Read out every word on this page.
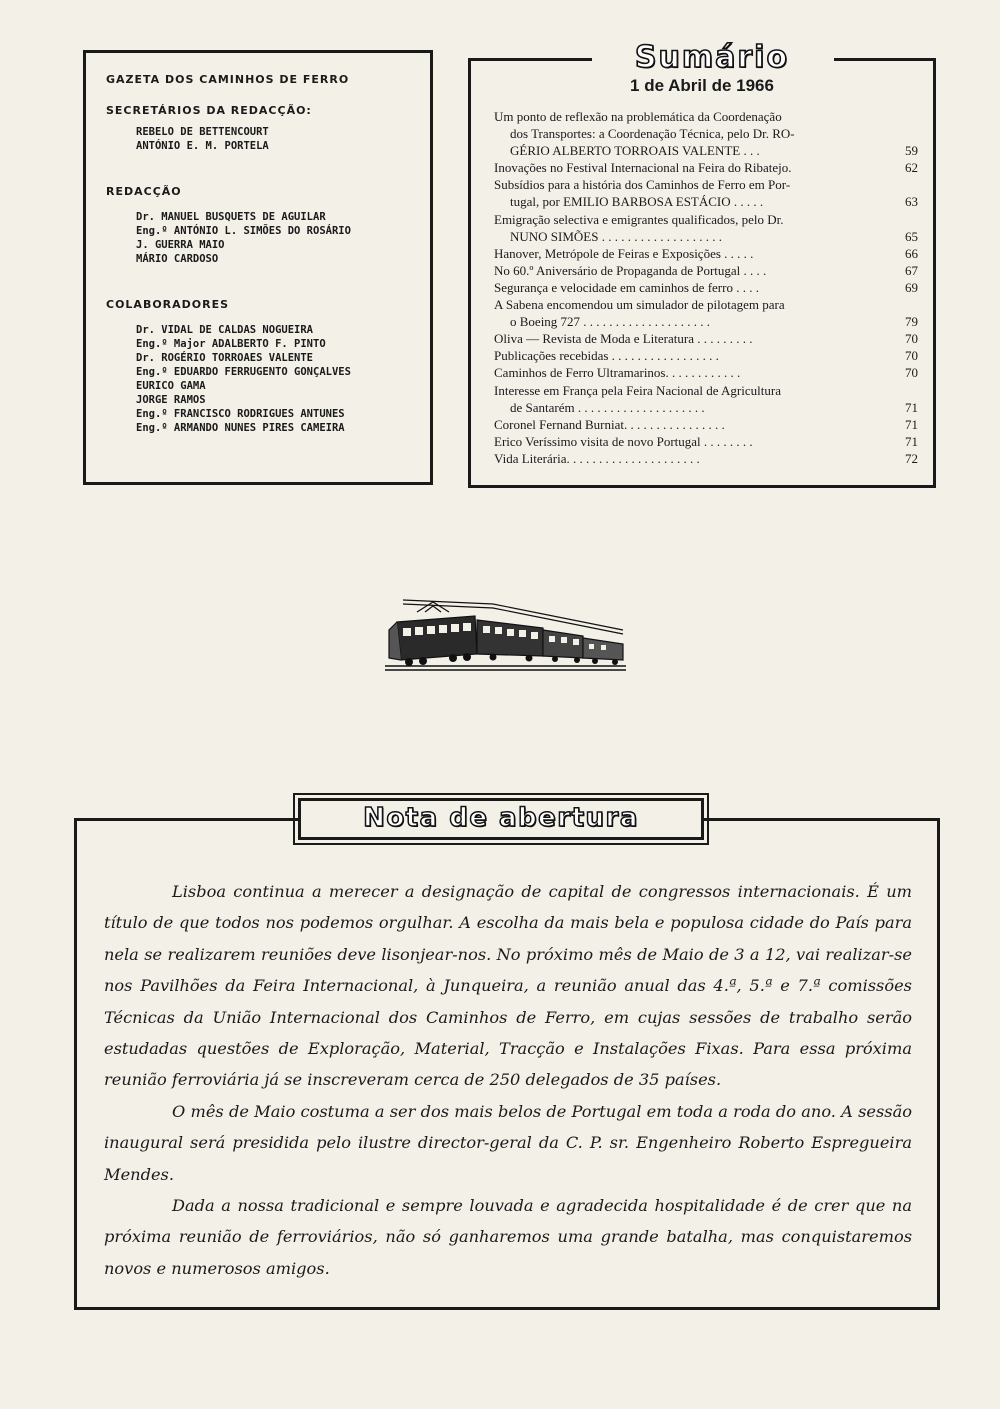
GAZETA DOS CAMINHOS DE FERRO
SECRETÁRIOS DA REDACÇÃO:
REBELO DE BETTENCOURT
ANTÓNIO E. M. PORTELA
REDACÇÃO
Dr. MANUEL BUSQUETS DE AGUILAR
Eng.º ANTÓNIO L. SIMÕES DO ROSÁRIO
J. GUERRA MAIO
MÁRIO CARDOSO
COLABORADORES
Dr. VIDAL DE CALDAS NOGUEIRA
Eng.º Major ADALBERTO F. PINTO
Dr. ROGÉRIO TORROAES VALENTE
Eng.º EDUARDO FERRUGENTO GONÇALVES
EURICO GAMA
JORGE RAMOS
Eng.º FRANCISCO RODRIGUES ANTUNES
Eng.º ARMANDO NUNES PIRES CAMEIRA
Sumário
1 de Abril de 1966
Um ponto de reflexão na problemática da Coordenação
dos Transportes: a Coordenação Técnica, pelo Dr. RO-
GÉRIO ALBERTO TORROAIS VALENTE . . .	59
Inovações no Festival Internacional na Feira do Ribatejo.	62
Subsídios para a história dos Caminhos de Ferro em Por-
tugal, por EMILIO BARBOSA ESTÁCIO . . . . .	63
Emigração selectiva e emigrantes qualificados, pelo Dr.
NUNO SIMÕES . . . . . . . . . . . . . . . . . . .	65
Hanover, Metrópole de Feiras e Exposições . . . . .	66
No 60.º Aniversário de Propaganda de Portugal . . . .	67
Segurança e velocidade em caminhos de ferro . . . .	69
A Sabena encomendou um simulador de pilotagem para
o Boeing 727 . . . . . . . . . . . . . . . . . . . .	79
Oliva — Revista de Moda e Literatura . . . . . . . . .	70
Publicações recebidas . . . . . . . . . . . . . . . . .	70
Caminhos de Ferro Ultramarinos. . . . . . . . . . . .	70
Interesse em França pela Feira Nacional de Agricultura
de Santarém . . . . . . . . . . . . . . . . . . . .	71
Coronel Fernand Burniat. . . . . . . . . . . . . . . .	71
Erico Veríssimo visita de novo Portugal . . . . . . . .	71
Vida Literária. . . . . . . . . . . . . . . . . . . . .	72
Nota de abertura

Lisboa continua a merecer a designação de capital de congressos internacionais. É um título de que todos nos podemos orgulhar. A escolha da mais bela e populosa cidade do País para nela se realizarem reuniões deve lisonjear-nos. No próximo mês de Maio de 3 a 12, vai realizar-se nos Pavilhões da Feira Internacional, à Junqueira, a reunião anual das 4.ª, 5.ª e 7.ª comissões Técnicas da União Internacional dos Caminhos de Ferro, em cujas sessões de trabalho serão estudadas questões de Exploração, Material, Tracção e Instalações Fixas. Para essa próxima reunião ferroviária já se inscreveram cerca de 250 delegados de 35 países.

O mês de Maio costuma a ser dos mais belos de Portugal em toda a roda do ano. A sessão inaugural será presidida pelo ilustre director-geral da C. P. sr. Engenheiro Roberto Espregueira Mendes.

Dada a nossa tradicional e sempre louvada e agradecida hospitalidade é de crer que na próxima reunião de ferroviários, não só ganharemos uma grande batalha, mas conquistaremos novos e numerosos amigos.
